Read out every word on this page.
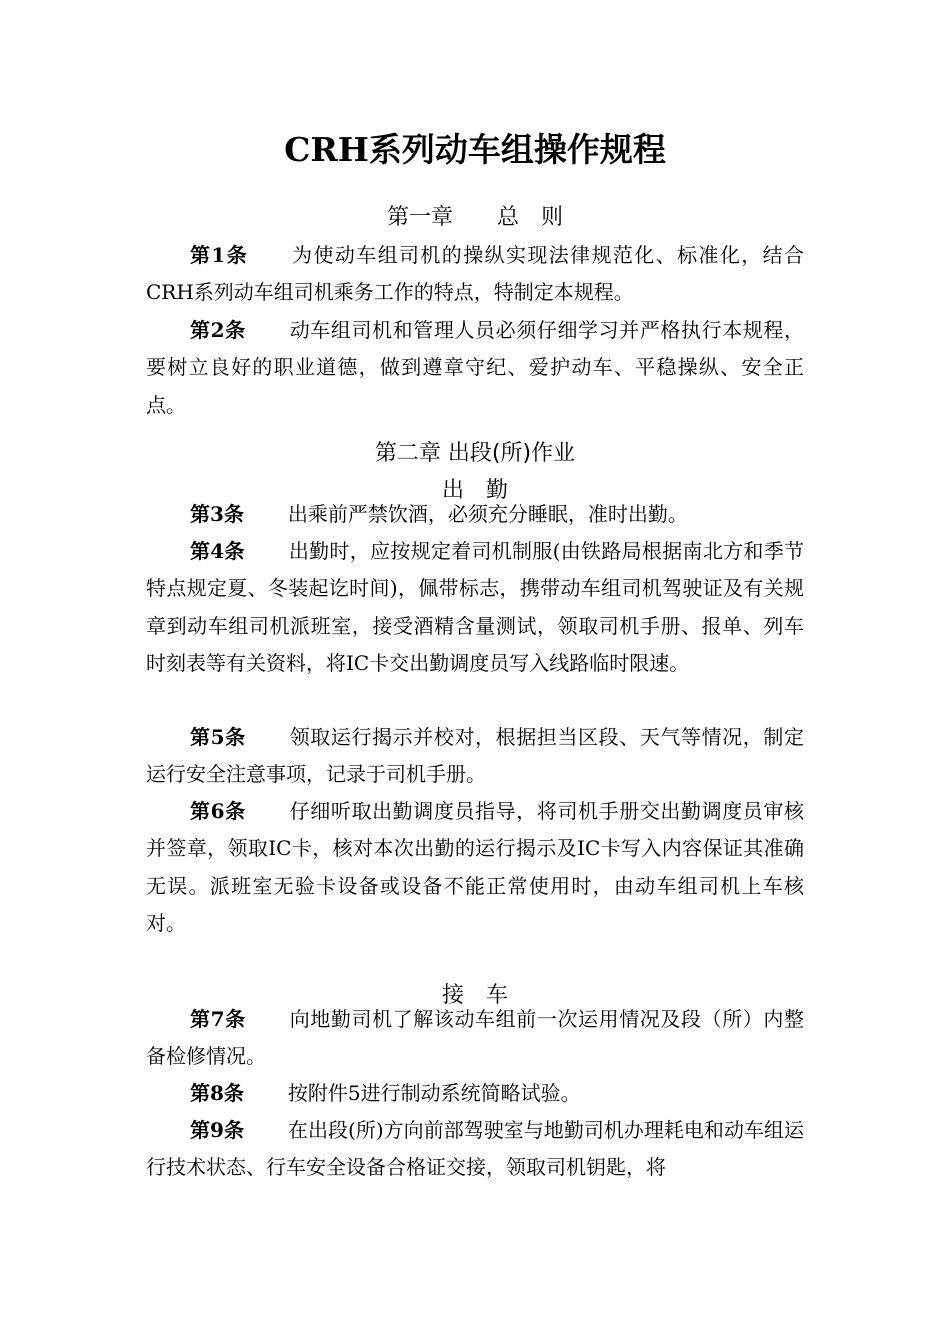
CRH系列动车组操作规程
第一章　　总　则

第1条 为使动车组司机的操纵实现法律规范化、标准化，结合CRH系列动车组司机乘务工作的特点，特制定本规程。

第2条 动车组司机和管理人员必须仔细学习并严格执行本规程，要树立良好的职业道德，做到遵章守纪、爱护动车、平稳操纵、安全正点。

第二章 出段(所)作业
出　勤

第3条 出乘前严禁饮酒，必须充分睡眠，准时出勤。

第4条 出勤时，应按规定着司机制服(由铁路局根据南北方和季节特点规定夏、冬装起讫时间)，佩带标志，携带动车组司机驾驶证及有关规章到动车组司机派班室，接受酒精含量测试，领取司机手册、报单、列车时刻表等有关资料，将IC卡交出勤调度员写入线路临时限速。

第5条 领取运行揭示并校对，根据担当区段、天气等情况，制定运行安全注意事项，记录于司机手册。

第6条 仔细听取出勤调度员指导，将司机手册交出勤调度员审核并签章，领取IC卡，核对本次出勤的运行揭示及IC卡写入内容保证其准确无误。派班室无验卡设备或设备不能正常使用时，由动车组司机上车核对。

接　车

第7条 向地勤司机了解该动车组前一次运用情况及段（所）内整备检修情况。

第8条 按附件5进行制动系统简略试验。

第9条 在出段(所)方向前部驾驶室与地勤司机办理耗电和动车组运行技术状态、行车安全设备合格证交接，领取司机钥匙，将
